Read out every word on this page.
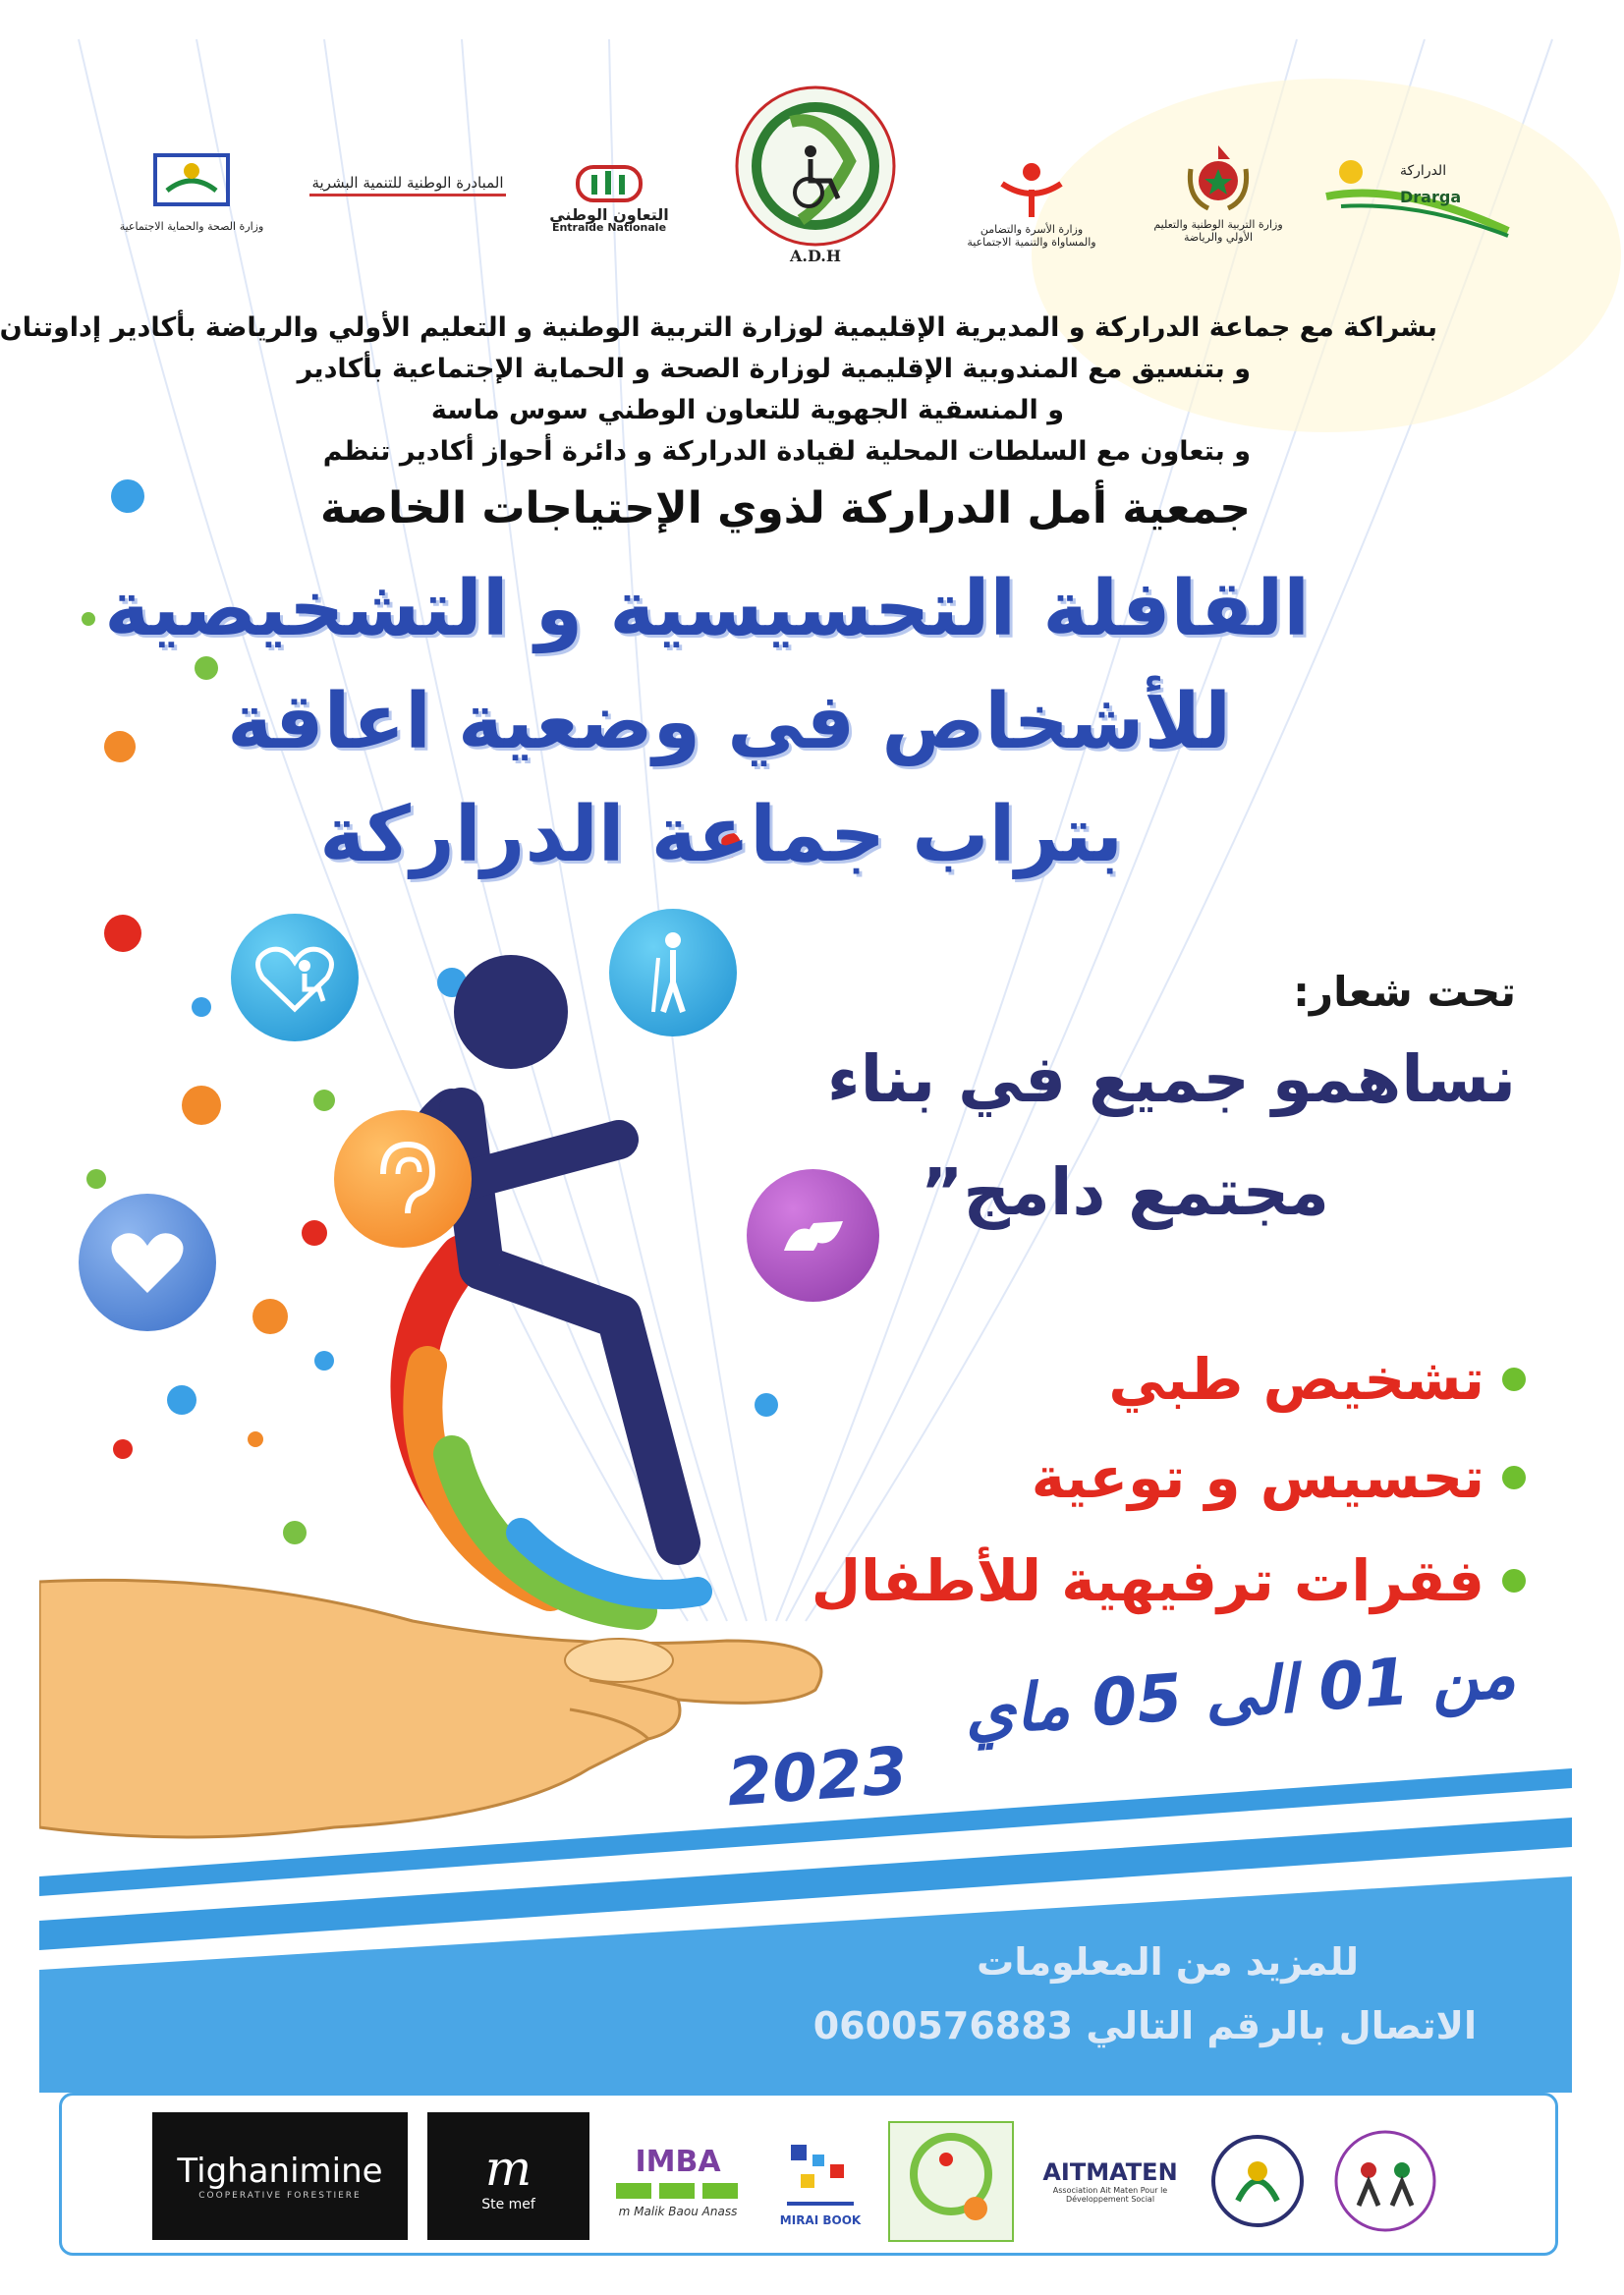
وزارة الصحة والحماية الاجتماعية
المبادرة الوطنية للتنمية البشرية
التعاون الوطني
Entraide Nationale
A.D.H
وزارة الأسرة والتضامن والمساواة والتنمية الاجتماعية
وزارة التربية الوطنية والتعليم الأولي والرياضة
الدراركة
Drarga
بشراكة مع جماعة الدراركة و المديرية الإقليمية لوزارة التربية الوطنية و التعليم الأولي والرياضة بأكادير إداوتنان
و بتنسيق مع المندوبية الإقليمية لوزارة الصحة و الحماية الإجتماعية بأكادير
و المنسقية الجهوية للتعاون الوطني سوس ماسة
و بتعاون مع السلطات المحلية لقيادة الدراركة و دائرة أحواز أكادير تنظم
جمعية أمل الدراركة لذوي الإحتياجات الخاصة
القافلة التحسيسية و التشخيصية
للأشخاص في وضعية اعاقة
بتراب جماعة الدراركة
تحت شعار:
نساهمو جميع في بناء
مجتمع دامج”
تشخيص طبي
تحسيس و توعية
فقرات ترفيهية للأطفال
من 01 الى 05 ماي
2023
للمزيد من المعلومات
الاتصال بالرقم التالي 0600576883
Tighanimine
COOPERATIVE FORESTIERE	m
Ste mef
IMBA
m Malik Baou Anass
MIRAI BOOK
AITMATEN
Association Ait Maten Pour le Développement Social
